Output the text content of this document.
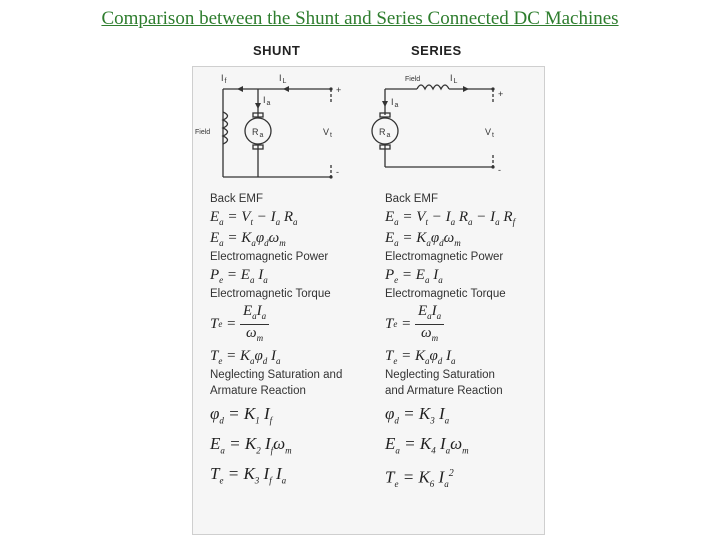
Comparison between the Shunt and Series Connected DC Machines
SHUNT	SERIES
$I_f$	$I_L$
$I_a$
Field	$R_a$	$V_t$
+
-
Field	$I_L$
$I_a$
$R_a$	$V_t$
+
-
Back EMF
$E_a = V_t - I_a$ $R_a$
$E_a = K_a\varphi_d\omega_m$
Electromagnetic Power
$P_e = E_a$ $I_a$
Electromagnetic Torque
T $e = \frac{E_aI_a}{\omega_m}$
$T_e = K_a\varphi_d$ $I_a$
Neglecting Saturation and
Armature Reaction
$\varphi_d = K_1$ $I_f$
$E_a = K_2$ $I_f\omega_m$
$T_e = K_3$ $I_f$ $I_a$
Back EMF
$E_a = V_t - I_a$ $R_a - I_a$ $R_f$
$E_a = K_a\varphi_d\omega_m$
Electromagnetic Power
$P_e = E_a$ $I_a$
Electromagnetic Torque
T $e = \frac{E_aI_a}{\omega_m}$
$T_e = K_a\varphi_d$ $I_a$
Neglecting Saturation
and Armature Reaction
$\varphi_d = K_3$ $I_a$
$E_a = K_4$ $I_a\omega_m$
$T_e = K_6$ $I_a^2$
